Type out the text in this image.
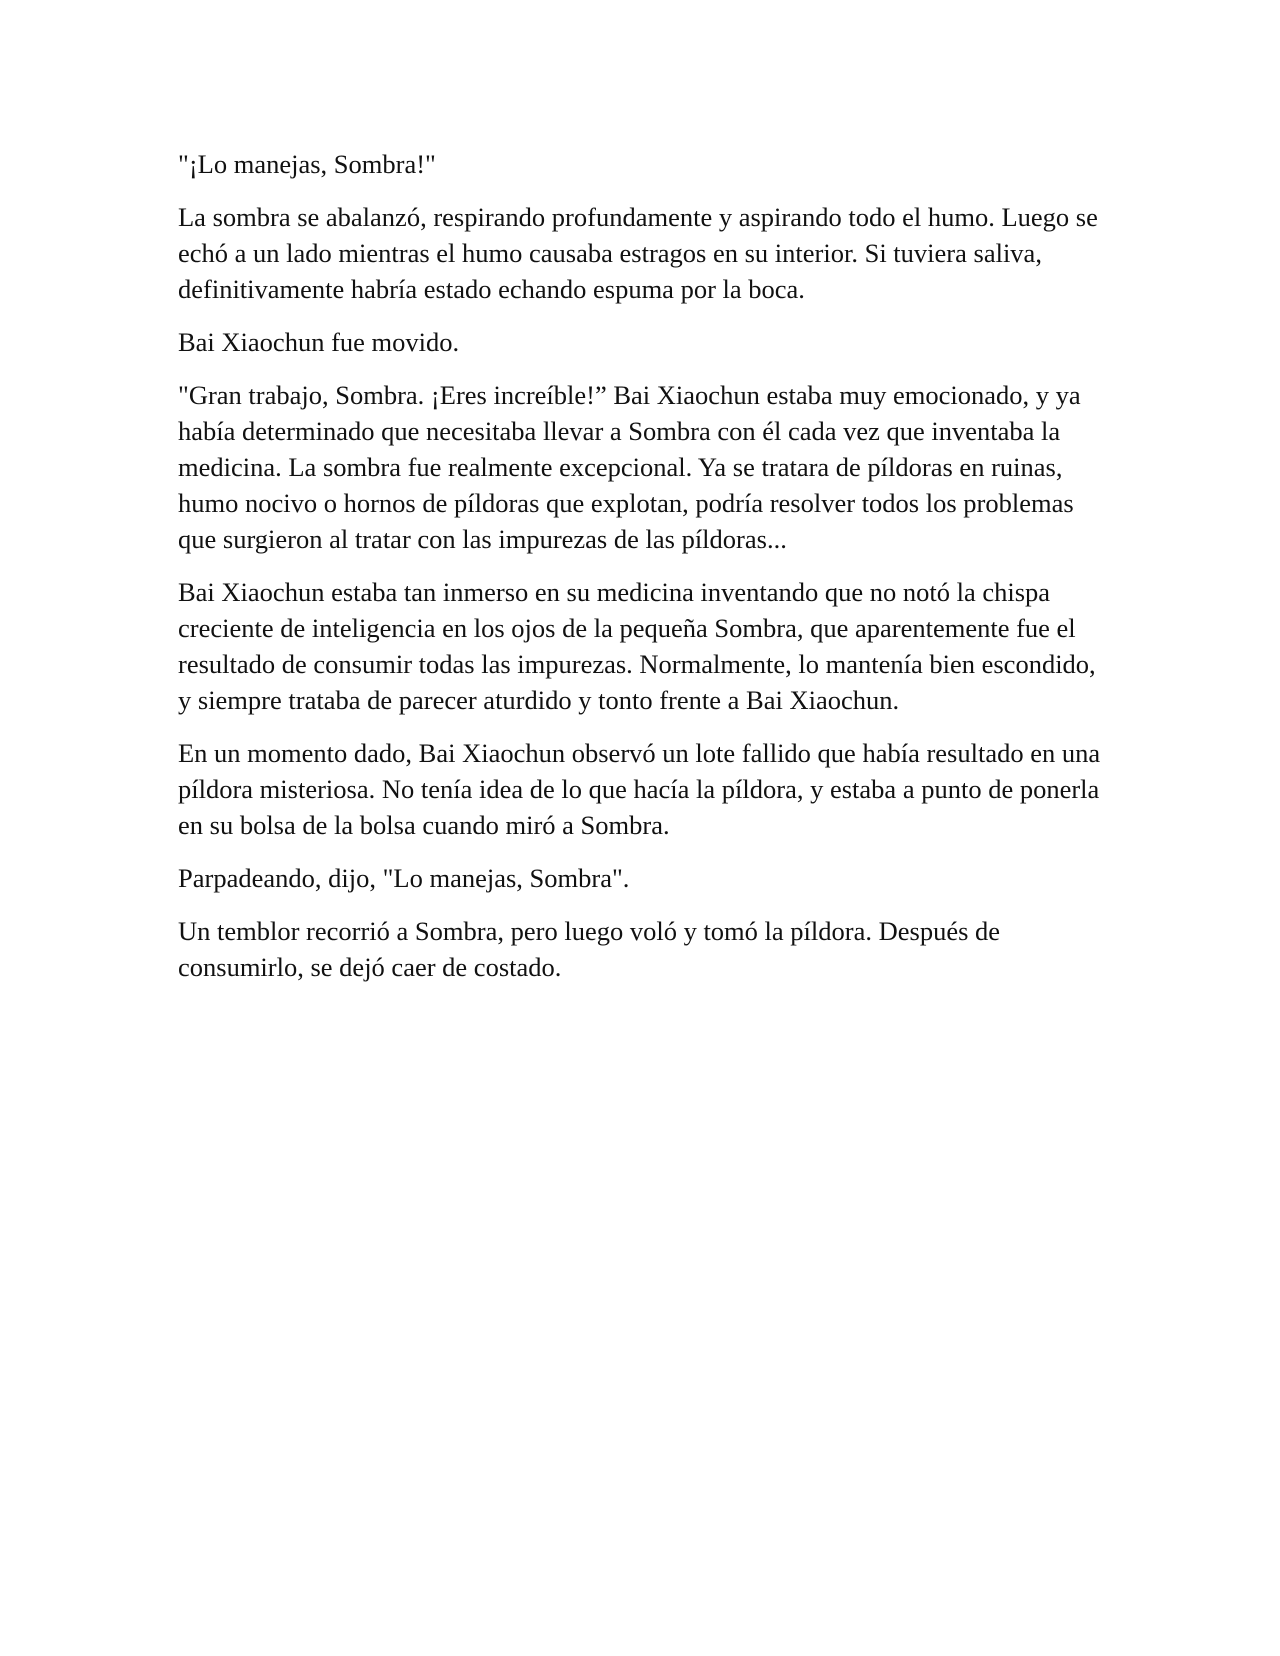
"¡Lo manejas, Sombra!"

La sombra se abalanzó, respirando profundamente y aspirando todo el humo. Luego se echó a un lado mientras el humo causaba estragos en su interior. Si tuviera saliva, definitivamente habría estado echando espuma por la boca.

Bai Xiaochun fue movido.

"Gran trabajo, Sombra. ¡Eres increíble!” Bai Xiaochun estaba muy emocionado, y ya había determinado que necesitaba llevar a Sombra con él cada vez que inventaba la medicina. La sombra fue realmente excepcional. Ya se tratara de píldoras en ruinas, humo nocivo o hornos de píldoras que explotan, podría resolver todos los problemas que surgieron al tratar con las impurezas de las píldoras...

Bai Xiaochun estaba tan inmerso en su medicina inventando que no notó la chispa creciente de inteligencia en los ojos de la pequeña Sombra, que aparentemente fue el resultado de consumir todas las impurezas. Normalmente, lo mantenía bien escondido, y siempre trataba de parecer aturdido y tonto frente a Bai Xiaochun.

En un momento dado, Bai Xiaochun observó un lote fallido que había resultado en una píldora misteriosa. No tenía idea de lo que hacía la píldora, y estaba a punto de ponerla en su bolsa de la bolsa cuando miró a Sombra.

Parpadeando, dijo, "Lo manejas, Sombra".

Un temblor recorrió a Sombra, pero luego voló y tomó la píldora. Después de consumirlo, se dejó caer de costado.
